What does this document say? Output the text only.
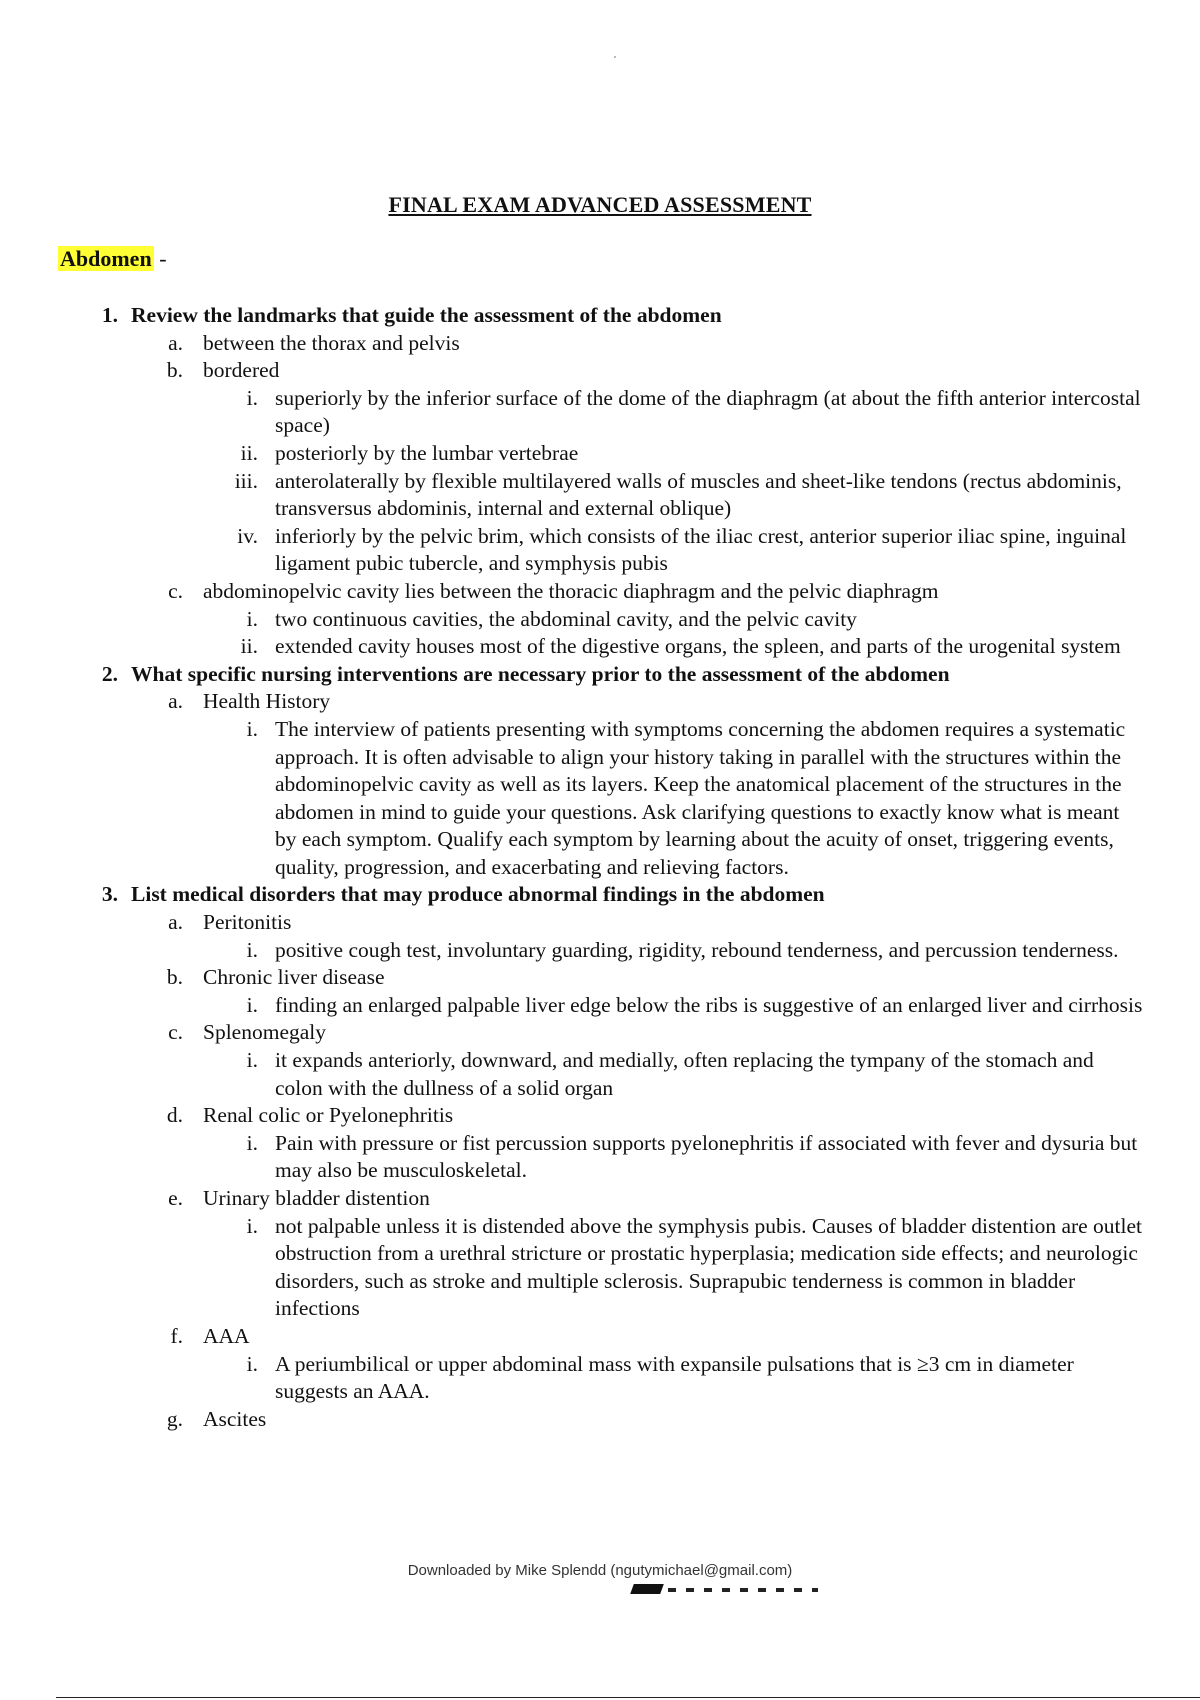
FINAL EXAM ADVANCED ASSESSMENT
Abdomen -
1. Review the landmarks that guide the assessment of the abdomen
a. between the thorax and pelvis
b. bordered
i. superiorly by the inferior surface of the dome of the diaphragm (at about the fifth anterior intercostal space)
ii. posteriorly by the lumbar vertebrae
iii. anterolaterally by flexible multilayered walls of muscles and sheet-like tendons (rectus abdominis, transversus abdominis, internal and external oblique)
iv. inferiorly by the pelvic brim, which consists of the iliac crest, anterior superior iliac spine, inguinal ligament pubic tubercle, and symphysis pubis
c. abdominopelvic cavity lies between the thoracic diaphragm and the pelvic diaphragm
i. two continuous cavities, the abdominal cavity, and the pelvic cavity
ii. extended cavity houses most of the digestive organs, the spleen, and parts of the urogenital system
2. What specific nursing interventions are necessary prior to the assessment of the abdomen
a. Health History
i. The interview of patients presenting with symptoms concerning the abdomen requires a systematic approach. It is often advisable to align your history taking in parallel with the structures within the abdominopelvic cavity as well as its layers. Keep the anatomical placement of the structures in the abdomen in mind to guide your questions. Ask clarifying questions to exactly know what is meant by each symptom. Qualify each symptom by learning about the acuity of onset, triggering events, quality, progression, and exacerbating and relieving factors.
3. List medical disorders that may produce abnormal findings in the abdomen
a. Peritonitis
i. positive cough test, involuntary guarding, rigidity, rebound tenderness, and percussion tenderness.
b. Chronic liver disease
i. finding an enlarged palpable liver edge below the ribs is suggestive of an enlarged liver and cirrhosis
c. Splenomegaly
i. it expands anteriorly, downward, and medially, often replacing the tympany of the stomach and colon with the dullness of a solid organ
d. Renal colic or Pyelonephritis
i. Pain with pressure or fist percussion supports pyelonephritis if associated with fever and dysuria but may also be musculoskeletal.
e. Urinary bladder distention
i. not palpable unless it is distended above the symphysis pubis. Causes of bladder distention are outlet obstruction from a urethral stricture or prostatic hyperplasia; medication side effects; and neurologic disorders, such as stroke and multiple sclerosis. Suprapubic tenderness is common in bladder infections
f. AAA
i. A periumbilical or upper abdominal mass with expansile pulsations that is ≥3 cm in diameter suggests an AAA.
g. Ascites
Downloaded by Mike Splendd (ngutymichael@gmail.com)
